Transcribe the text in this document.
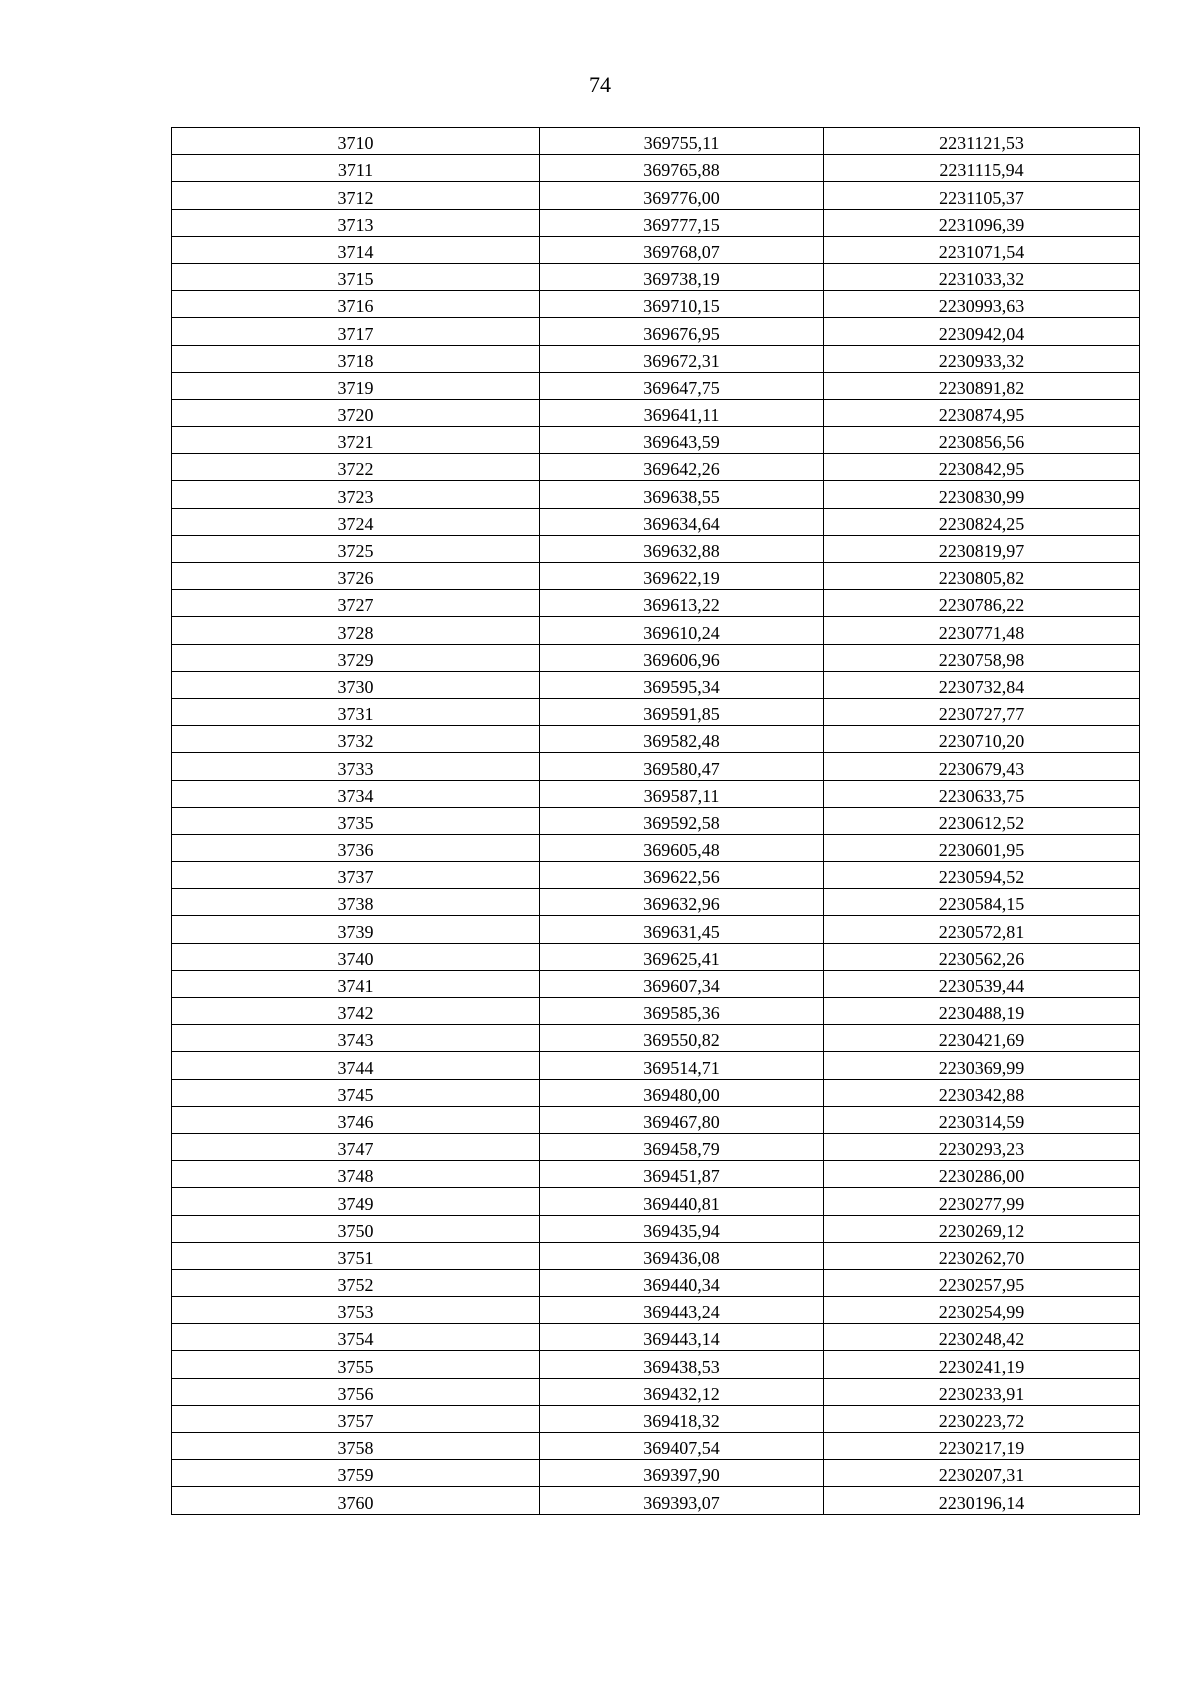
74
3710	369755,11	2231121,53
3711	369765,88	2231115,94
3712	369776,00	2231105,37
3713	369777,15	2231096,39
3714	369768,07	2231071,54
3715	369738,19	2231033,32
3716	369710,15	2230993,63
3717	369676,95	2230942,04
3718	369672,31	2230933,32
3719	369647,75	2230891,82
3720	369641,11	2230874,95
3721	369643,59	2230856,56
3722	369642,26	2230842,95
3723	369638,55	2230830,99
3724	369634,64	2230824,25
3725	369632,88	2230819,97
3726	369622,19	2230805,82
3727	369613,22	2230786,22
3728	369610,24	2230771,48
3729	369606,96	2230758,98
3730	369595,34	2230732,84
3731	369591,85	2230727,77
3732	369582,48	2230710,20
3733	369580,47	2230679,43
3734	369587,11	2230633,75
3735	369592,58	2230612,52
3736	369605,48	2230601,95
3737	369622,56	2230594,52
3738	369632,96	2230584,15
3739	369631,45	2230572,81
3740	369625,41	2230562,26
3741	369607,34	2230539,44
3742	369585,36	2230488,19
3743	369550,82	2230421,69
3744	369514,71	2230369,99
3745	369480,00	2230342,88
3746	369467,80	2230314,59
3747	369458,79	2230293,23
3748	369451,87	2230286,00
3749	369440,81	2230277,99
3750	369435,94	2230269,12
3751	369436,08	2230262,70
3752	369440,34	2230257,95
3753	369443,24	2230254,99
3754	369443,14	2230248,42
3755	369438,53	2230241,19
3756	369432,12	2230233,91
3757	369418,32	2230223,72
3758	369407,54	2230217,19
3759	369397,90	2230207,31
3760	369393,07	2230196,14
